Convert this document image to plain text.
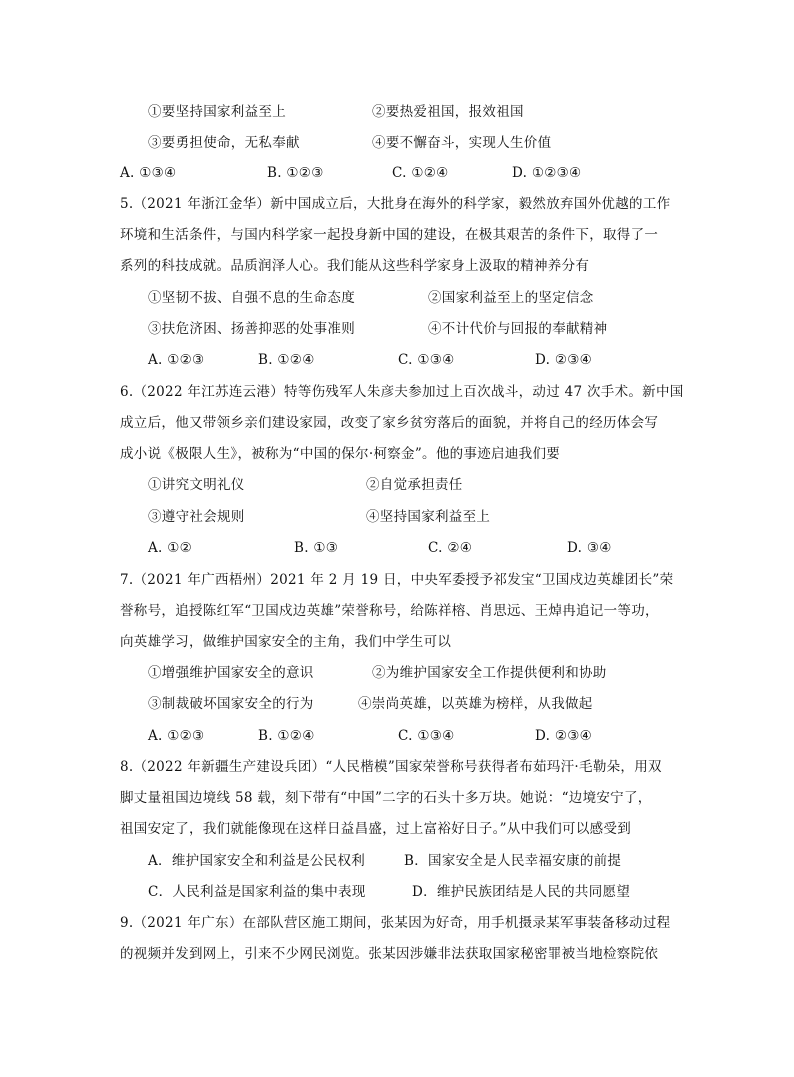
①要坚持国家利益至上	②要热爱祖国，报效祖国
③要勇担使命，无私奉献	④要不懈奋斗，实现人生价值
A. ①③④	B. ①②③	C. ①②④	D. ①②③④
5.（2021 年浙江金华）新中国成立后，大批身在海外的科学家，毅然放弃国外优越的工作
环境和生活条件，与国内科学家一起投身新中国的建设，在极其艰苦的条件下，取得了一
系列的科技成就。品质润泽人心。我们能从这些科学家身上汲取的精神养分有
①坚韧不拔、自强不息的生命态度	②国家利益至上的坚定信念
③扶危济困、扬善抑恶的处事准则	④不计代价与回报的奉献精神
A. ①②③	B. ①②④	C. ①③④	D. ②③④
6.（2022 年江苏连云港）特等伤残军人朱彦夫参加过上百次战斗，动过 47 次手术。新中国
成立后，他又带领乡亲们建设家园，改变了家乡贫穷落后的面貌，并将自己的经历体会写
成小说《极限人生》，被称为“中国的保尔·柯察金”。他的事迹启迪我们要
①讲究文明礼仪	②自觉承担责任
③遵守社会规则	④坚持国家利益至上
A. ①②	B. ①③	C. ②④	D. ③④
7.（2021 年广西梧州）2021 年 2 月 19 日，中央军委授予祁发宝“卫国戍边英雄团长”荣
誉称号，追授陈红军“卫国戍边英雄”荣誉称号，给陈祥榕、肖思远、王焯冉追记一等功，
向英雄学习，做维护国家安全的主角，我们中学生可以
①增强维护国家安全的意识	②为维护国家安全工作提供便利和协助
③制裁破坏国家安全的行为	④崇尚英雄，以英雄为榜样，从我做起
A. ①②③	B. ①②④	C. ①③④	D. ②③④
8.（2022 年新疆生产建设兵团）“人民楷模”国家荣誉称号获得者布茹玛汗·毛勒朵，用双
脚丈量祖国边境线 58 载，刻下带有“中国”二字的石头十多万块。她说：“边境安宁了，
祖国安定了，我们就能像现在这样日益昌盛，过上富裕好日子。”从中我们可以感受到
A．维护国家安全和利益是公民权利	B．国家安全是人民幸福安康的前提
C．人民利益是国家利益的集中表现	D．维护民族团结是人民的共同愿望
9.（2021 年广东）在部队营区施工期间，张某因为好奇，用手机摄录某军事装备移动过程
的视频并发到网上，引来不少网民浏览。张某因涉嫌非法获取国家秘密罪被当地检察院依
